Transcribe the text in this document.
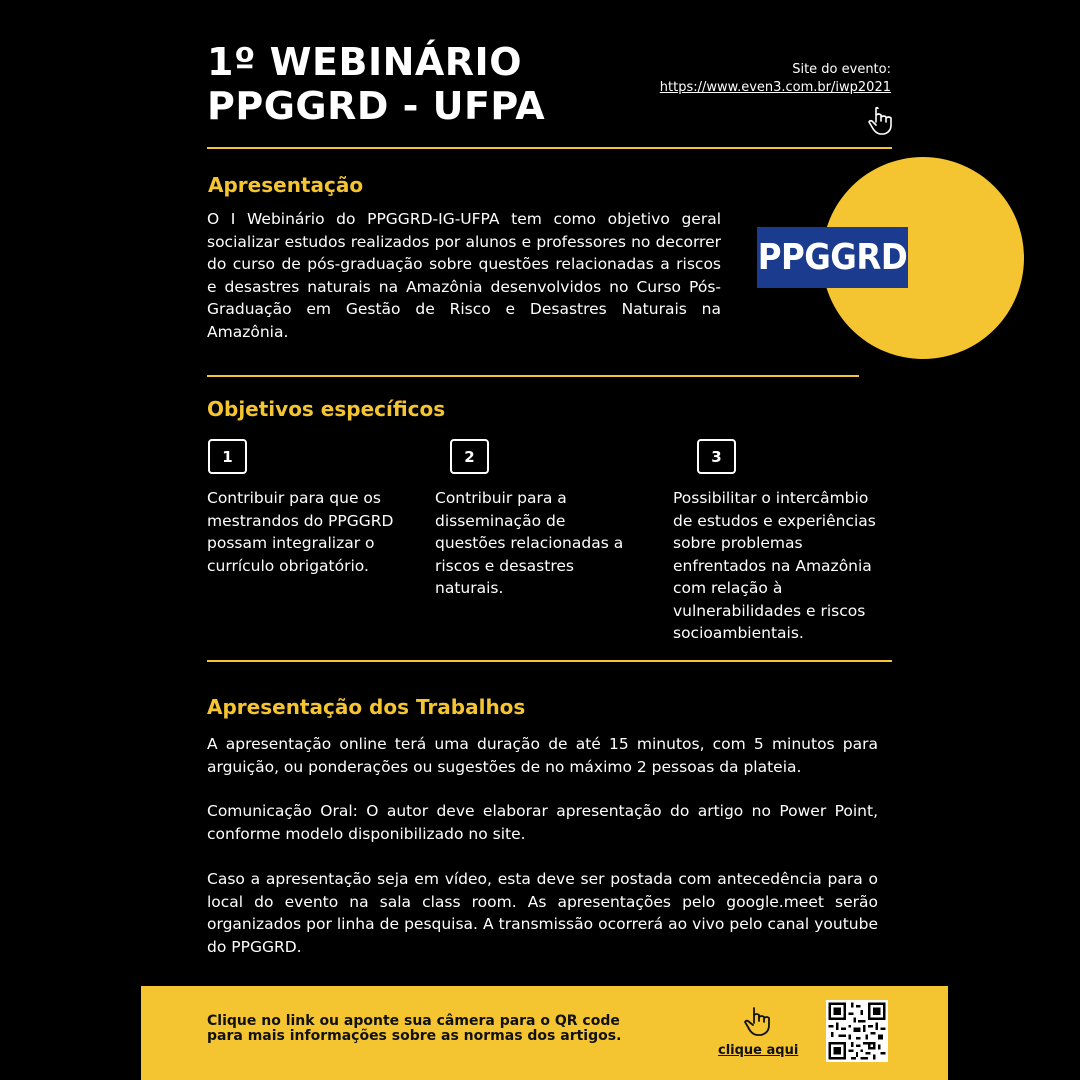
1º WEBINÁRIO
PPGGRD - UFPA
Site do evento:
https://www.even3.com.br/iwp2021
Apresentação

O I Webinário do PPGGRD-IG-UFPA tem como objetivo geral socializar estudos realizados por alunos e professores no decorrer do curso de pós-graduação sobre questões relacionadas a riscos e desastres naturais na Amazônia desenvolvidos no Curso Pós-Graduação em Gestão de Risco e Desastres Naturais na Amazônia.

PPGGRD
Objetivos específicos
1	2	3

Contribuir para que os mestrandos do PPGGRD possam integralizar o currículo obrigatório.

Contribuir para a disseminação de questões relacionadas a riscos e desastres naturais.

Possibilitar o intercâmbio de estudos e experiências sobre problemas enfrentados na Amazônia com relação à vulnerabilidades e riscos socioambientais.

Apresentação dos Trabalhos

A apresentação online terá uma duração de até 15 minutos, com 5 minutos para arguição, ou ponderações ou sugestões de no máximo 2 pessoas da plateia.

Comunicação Oral: O autor deve elaborar apresentação do artigo no Power Point, conforme modelo disponibilizado no site.

Caso a apresentação seja em vídeo, esta deve ser postada com antecedência para o local do evento na sala class room. As apresentações pelo google.meet serão organizados por linha de pesquisa. A transmissão ocorrerá ao vivo pelo canal youtube do PPGGRD.

Clique no link ou aponte sua câmera para o QR code para mais informações sobre as normas dos artigos.

clique aqui
